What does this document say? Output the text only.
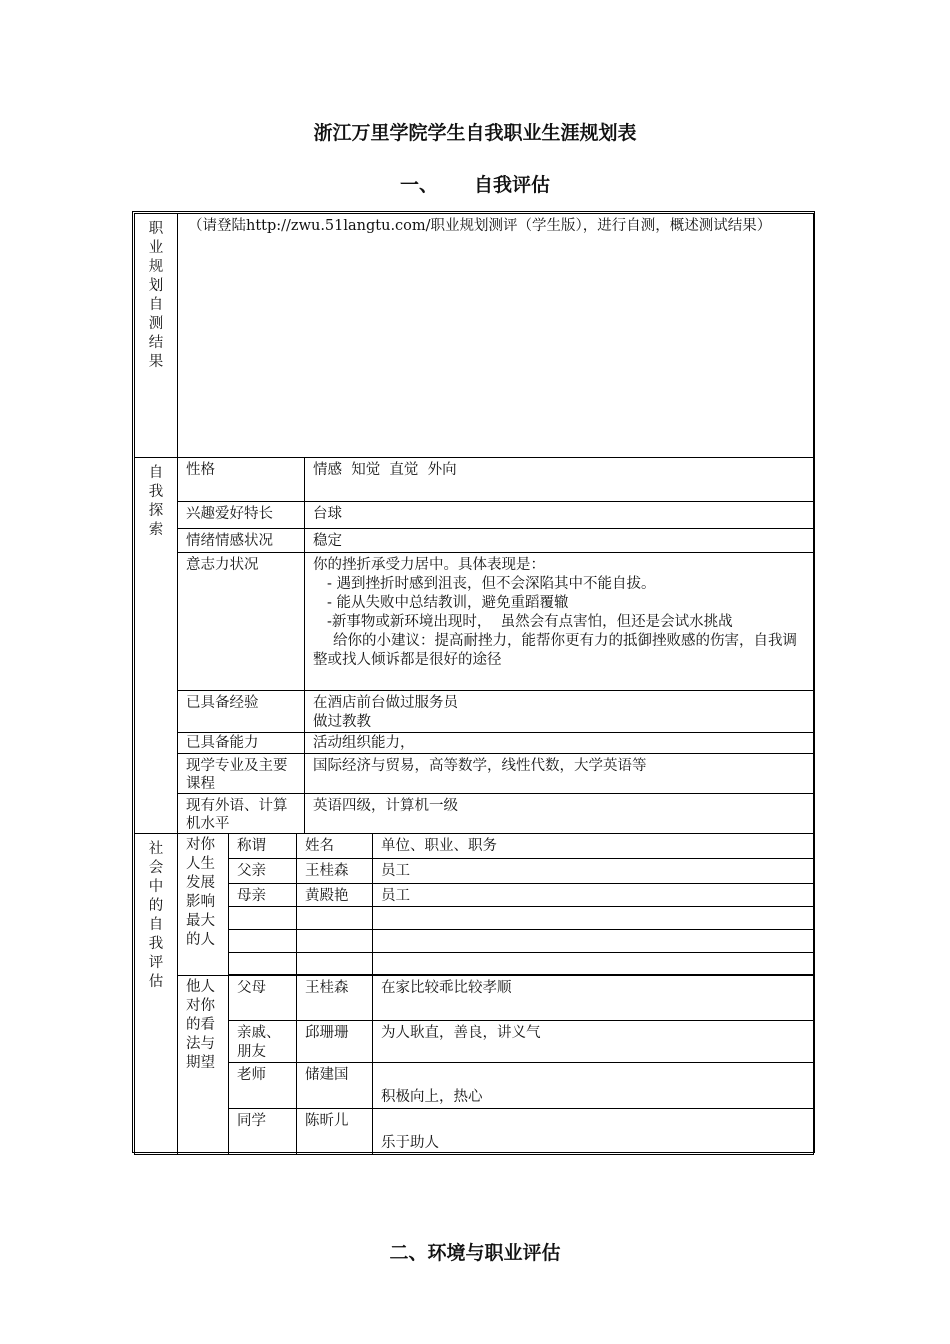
浙江万里学院学生自我职业生涯规划表
一、 自我评估
职业规划自测结果	（请登陆http://zwu.51langtu.com/职业规划测评（学生版），进行自测，概述测试结果）				

自我探索	性格			情感  知觉  直觉  外向	
	兴趣爱好特长			台球	
	情绪情感状况			稳定	
	意志力状况			你的挫折承受力居中。具体表现是：
- 遇到挫折时感到沮丧，但不会深陷其中不能自拔。
- 能从失败中总结教训，避免重蹈覆辙
-新事物或新环境出现时，  虽然会有点害怕，但还是会试水挑战
给你的小建议：提高耐挫力，能帮你更有力的抵御挫败感的伤害，自我调整或找人倾诉都是很好的途径	

	已具备经验			在酒店前台做过服务员
做过教教	

	已具备能力			活动组织能力，	
	现学专业及主要课程			国际经济与贸易，高等数学，线性代数，大学英语等	
	现有外语、计算机水平			英语四级，计算机一级	

社会中的自我评估	对你人生发展影响最大的人	称谓	姓名		单位、职业、职务
		父亲	王桂森		员工
		母亲	黄殿艳		员工

	他人对你的看法与期望	父母	王桂森		在家比较乖比较孝顺
		亲戚、朋友	邱珊珊		为人耿直，善良，讲义气
		老师	储建国		积极向上，热心
		同学	陈昕儿		乐于助人
二、环境与职业评估
